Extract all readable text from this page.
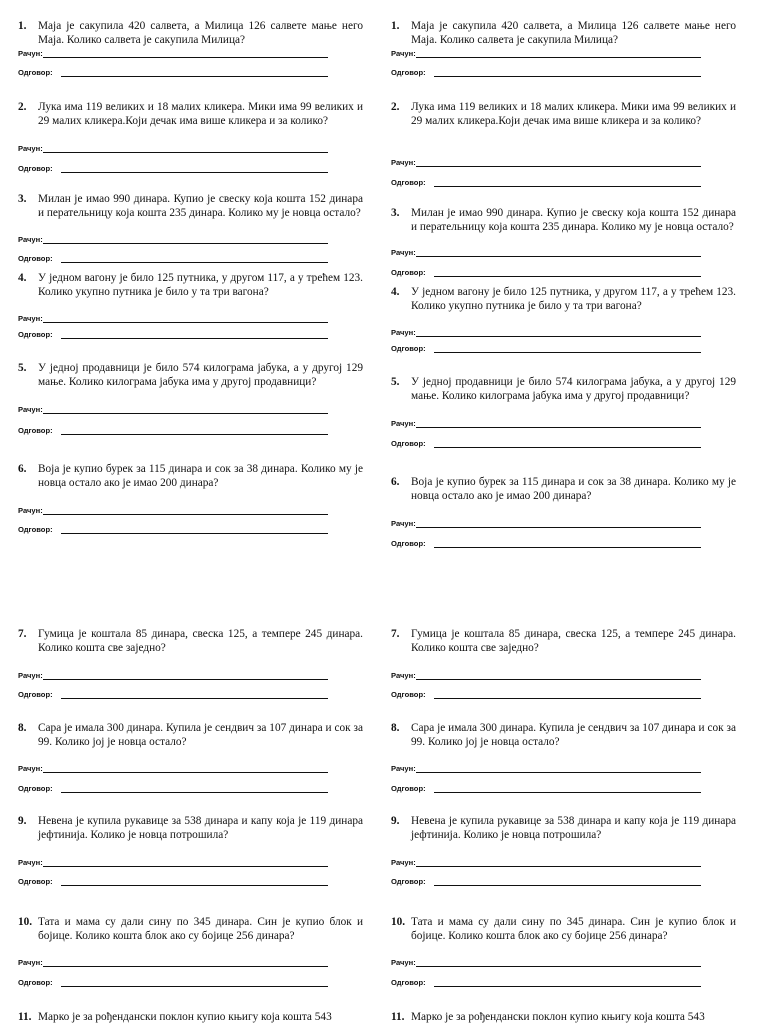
1. Маја је сакупила 420 салвета, а Милица 126 салвете мање него Маја. Колико салвета је сакупила Милица?
Рачун:
Одговор:
2. Лука има 119 великих и 18 малих кликера. Мики има 99 великих и 29 малих кликера.Који дечак има више кликера и за колико?
Рачун:
Одговор:
3. Милан је имао 990 динара. Купио је свеску која кошта 152 динара и перательницу која кошта 235 динара. Колико му је новца остало?
Рачун:
Одговор:
4. У једном вагону је било 125 путника, у другом 117, а у трећем 123. Колико укупно путника је било у та три вагона?
Рачун:
Одговор:
5. У једној продавници је било 574 килограма јабука, а у другој 129 мање. Колико килограма јабука има у другој продавници?
Рачун:
Одговор:
6. Воја је купио бурек за 115 динара и сок за 38 динара. Колико му је новца остало ако је имао 200 динара?
Рачун:
Одговор:
7. Гумица је коштала 85 динара, свеска 125, а темпере 245 динара. Колико кошта све заједно?
Рачун:
Одговор:
8. Сара је имала 300 динара. Купила је сендвич за 107 динара и сок за 99. Колико јој је новца остало?
Рачун:
Одговор:
9. Невена је купила рукавице за 538 динара и капу која је 119 динара јефтинија. Колико је новца потрошила?
Рачун:
Одговор:
10. Тата и мама су дали сину по 345 динара. Син је купио блок и бојице. Колико кошта блок ако су бојице 256 динара?
Рачун:
Одговор:
11. Марко је за рођендански поклон купио књигу која кошта 543
1. Маја је сакупила 420 салвета, а Милица 126 салвете мање него Маја. Колико салвета је сакупила Милица?
Рачун:
Одговор:
2. Лука има 119 великих и 18 малих кликера. Мики има 99 великих и 29 малих кликера.Који дечак има више кликера и за колико?
Рачун:
Одговор:
3. Милан је имао 990 динара. Купио је свеску која кошта 152 динара и перательницу која кошта 235 динара. Колико му је новца остало?
Рачун:
Одговор:
4. У једном вагону је било 125 путника, у другом 117, а у трећем 123. Колико укупно путника је било у та три вагона?
Рачун:
Одговор:
5. У једној продавници је било 574 килограма јабука, а у другој 129 мање. Колико килограма јабука има у другој продавници?
Рачун:
Одговор:
6. Воја је купио бурек за 115 динара и сок за 38 динара. Колико му је новца остало ако је имао 200 динара?
Рачун:
Одговор:
7. Гумица је коштала 85 динара, свеска 125, а темпере 245 динара. Колико кошта све заједно?
Рачун:
Одговор:
8. Сара је имала 300 динара. Купила је сендвич за 107 динара и сок за 99. Колико јој је новца остало?
Рачун:
Одговор:
9. Невена је купила рукавице за 538 динара и капу која је 119 динара јефтинија. Колико је новца потрошила?
Рачун:
Одговор:
10. Тата и мама су дали сину по 345 динара. Син је купио блок и бојице. Колико кошта блок ако су бојице 256 динара?
Рачун:
Одговор:
11. Марко је за рођендански поклон купио књигу која кошта 543
